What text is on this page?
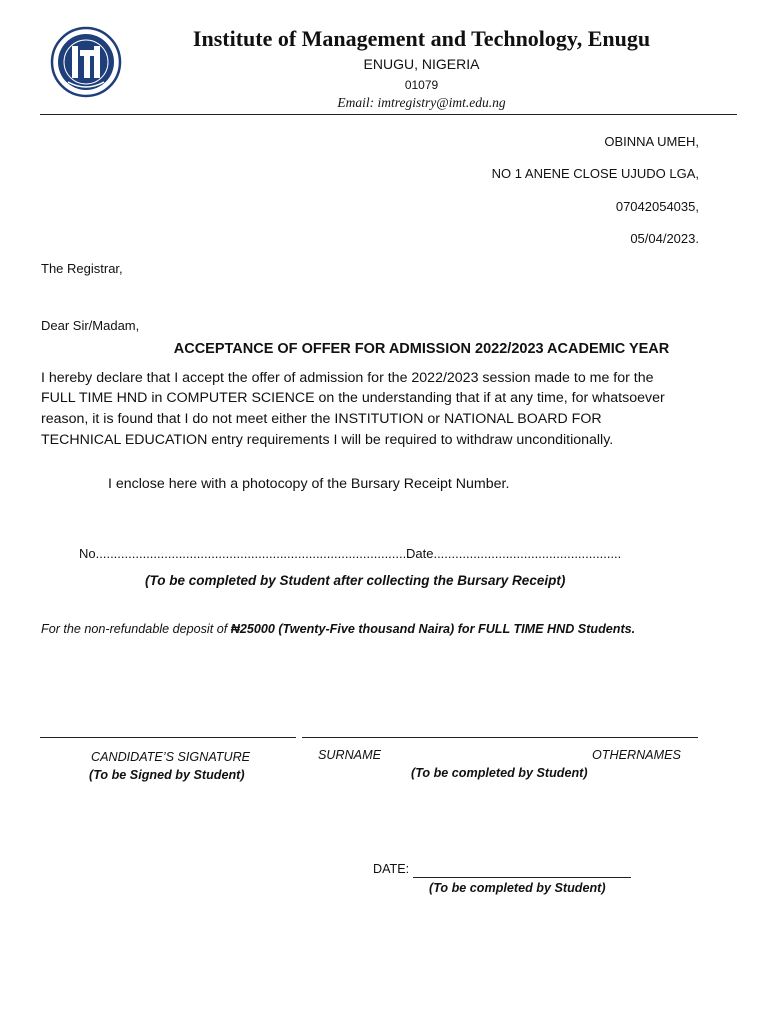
Institute of Management and Technology, Enugu
ENUGU, NIGERIA
01079
Email: imtregistry@imt.edu.ng
OBINNA UMEH,
NO 1 ANENE CLOSE UJUDO LGA,
07042054035,
05/04/2023.
The Registrar,
Dear Sir/Madam,
ACCEPTANCE OF OFFER FOR ADMISSION 2022/2023 ACADEMIC YEAR
I hereby declare that I accept the offer of admission for the 2022/2023 session made to me for the
FULL TIME HND in COMPUTER SCIENCE on the understanding that if at any time, for whatsoever
reason, it is found that I do not meet either the INSTITUTION or NATIONAL BOARD FOR
TECHNICAL EDUCATION entry requirements I will be required to withdraw unconditionally.
I enclose here with a photocopy of the Bursary Receipt Number.
No.......................................................................................
Date....................................................
(To be completed by Student after collecting the Bursary Receipt)
For the non-refundable deposit of ₦25000 (Twenty-Five thousand Naira) for FULL TIME HND Students.
CANDIDATE’S SIGNATURE
(To be Signed by Student)
SURNAME	OTHERNAMES
(To be completed by Student)
DATE:
(To be completed by Student)
